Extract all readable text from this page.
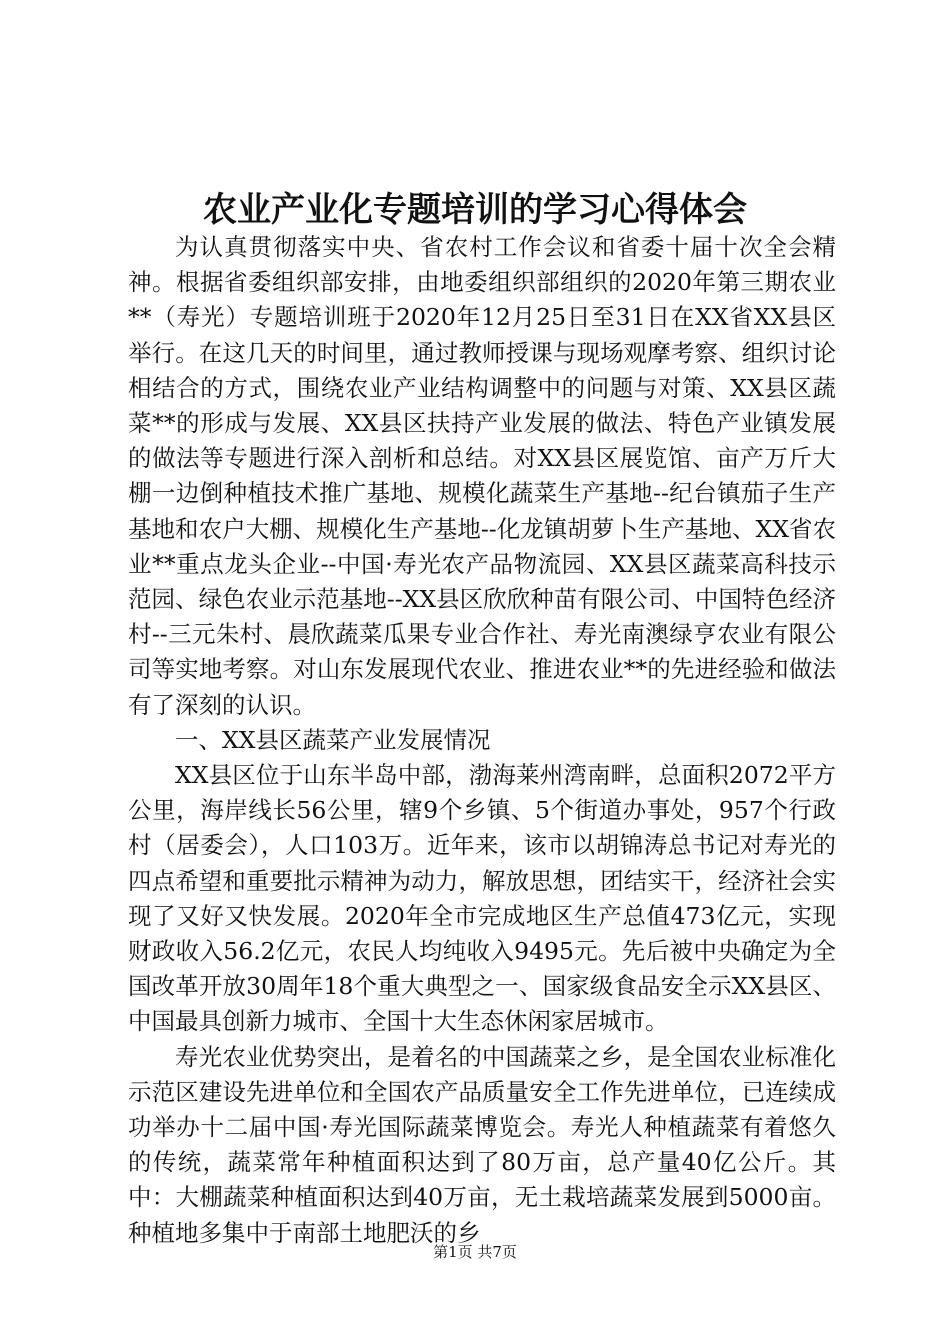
农业产业化专题培训的学习心得体会

为认真贯彻落实中央、省农村工作会议和省委十届十次全会精神。根据省委组织部安排，由地委组织部组织的2020年第三期农业**（寿光）专题培训班于2020年12月25日至31日在XX省XX县区举行。在这几天的时间里，通过教师授课与现场观摩考察、组织讨论相结合的方式，围绕农业产业结构调整中的问题与对策、XX县区蔬菜**的形成与发展、XX县区扶持产业发展的做法、特色产业镇发展的做法等专题进行深入剖析和总结。对XX县区展览馆、亩产万斤大棚一边倒种植技术推广基地、规模化蔬菜生产基地--纪台镇茄子生产基地和农户大棚、规模化生产基地--化龙镇胡萝卜生产基地、XX省农业**重点龙头企业--中国·寿光农产品物流园、XX县区蔬菜高科技示范园、绿色农业示范基地--XX县区欣欣种苗有限公司、中国特色经济村--三元朱村、晨欣蔬菜瓜果专业合作社、寿光南澳绿亨农业有限公司等实地考察。对山东发展现代农业、推进农业**的先进经验和做法有了深刻的认识。

一、XX县区蔬菜产业发展情况

XX县区位于山东半岛中部，渤海莱州湾南畔，总面积2072平方公里，海岸线长56公里，辖9个乡镇、5个街道办事处，957个行政村（居委会），人口103万。近年来，该市以胡锦涛总书记对寿光的四点希望和重要批示精神为动力，解放思想，团结实干，经济社会实现了又好又快发展。2020年全市完成地区生产总值473亿元，实现财政收入56.2亿元，农民人均纯收入9495元。先后被中央确定为全国改革开放30周年18个重大典型之一、国家级食品安全示XX县区、中国最具创新力城市、全国十大生态休闲家居城市。

寿光农业优势突出，是着名的中国蔬菜之乡，是全国农业标准化示范区建设先进单位和全国农产品质量安全工作先进单位，已连续成功举办十二届中国·寿光国际蔬菜博览会。寿光人种植蔬菜有着悠久的传统，蔬菜常年种植面积达到了80万亩，总产量40亿公斤。其中：大棚蔬菜种植面积达到40万亩，无土栽培蔬菜发展到5000亩。种植地多集中于南部土地肥沃的乡

第1页 共7页
